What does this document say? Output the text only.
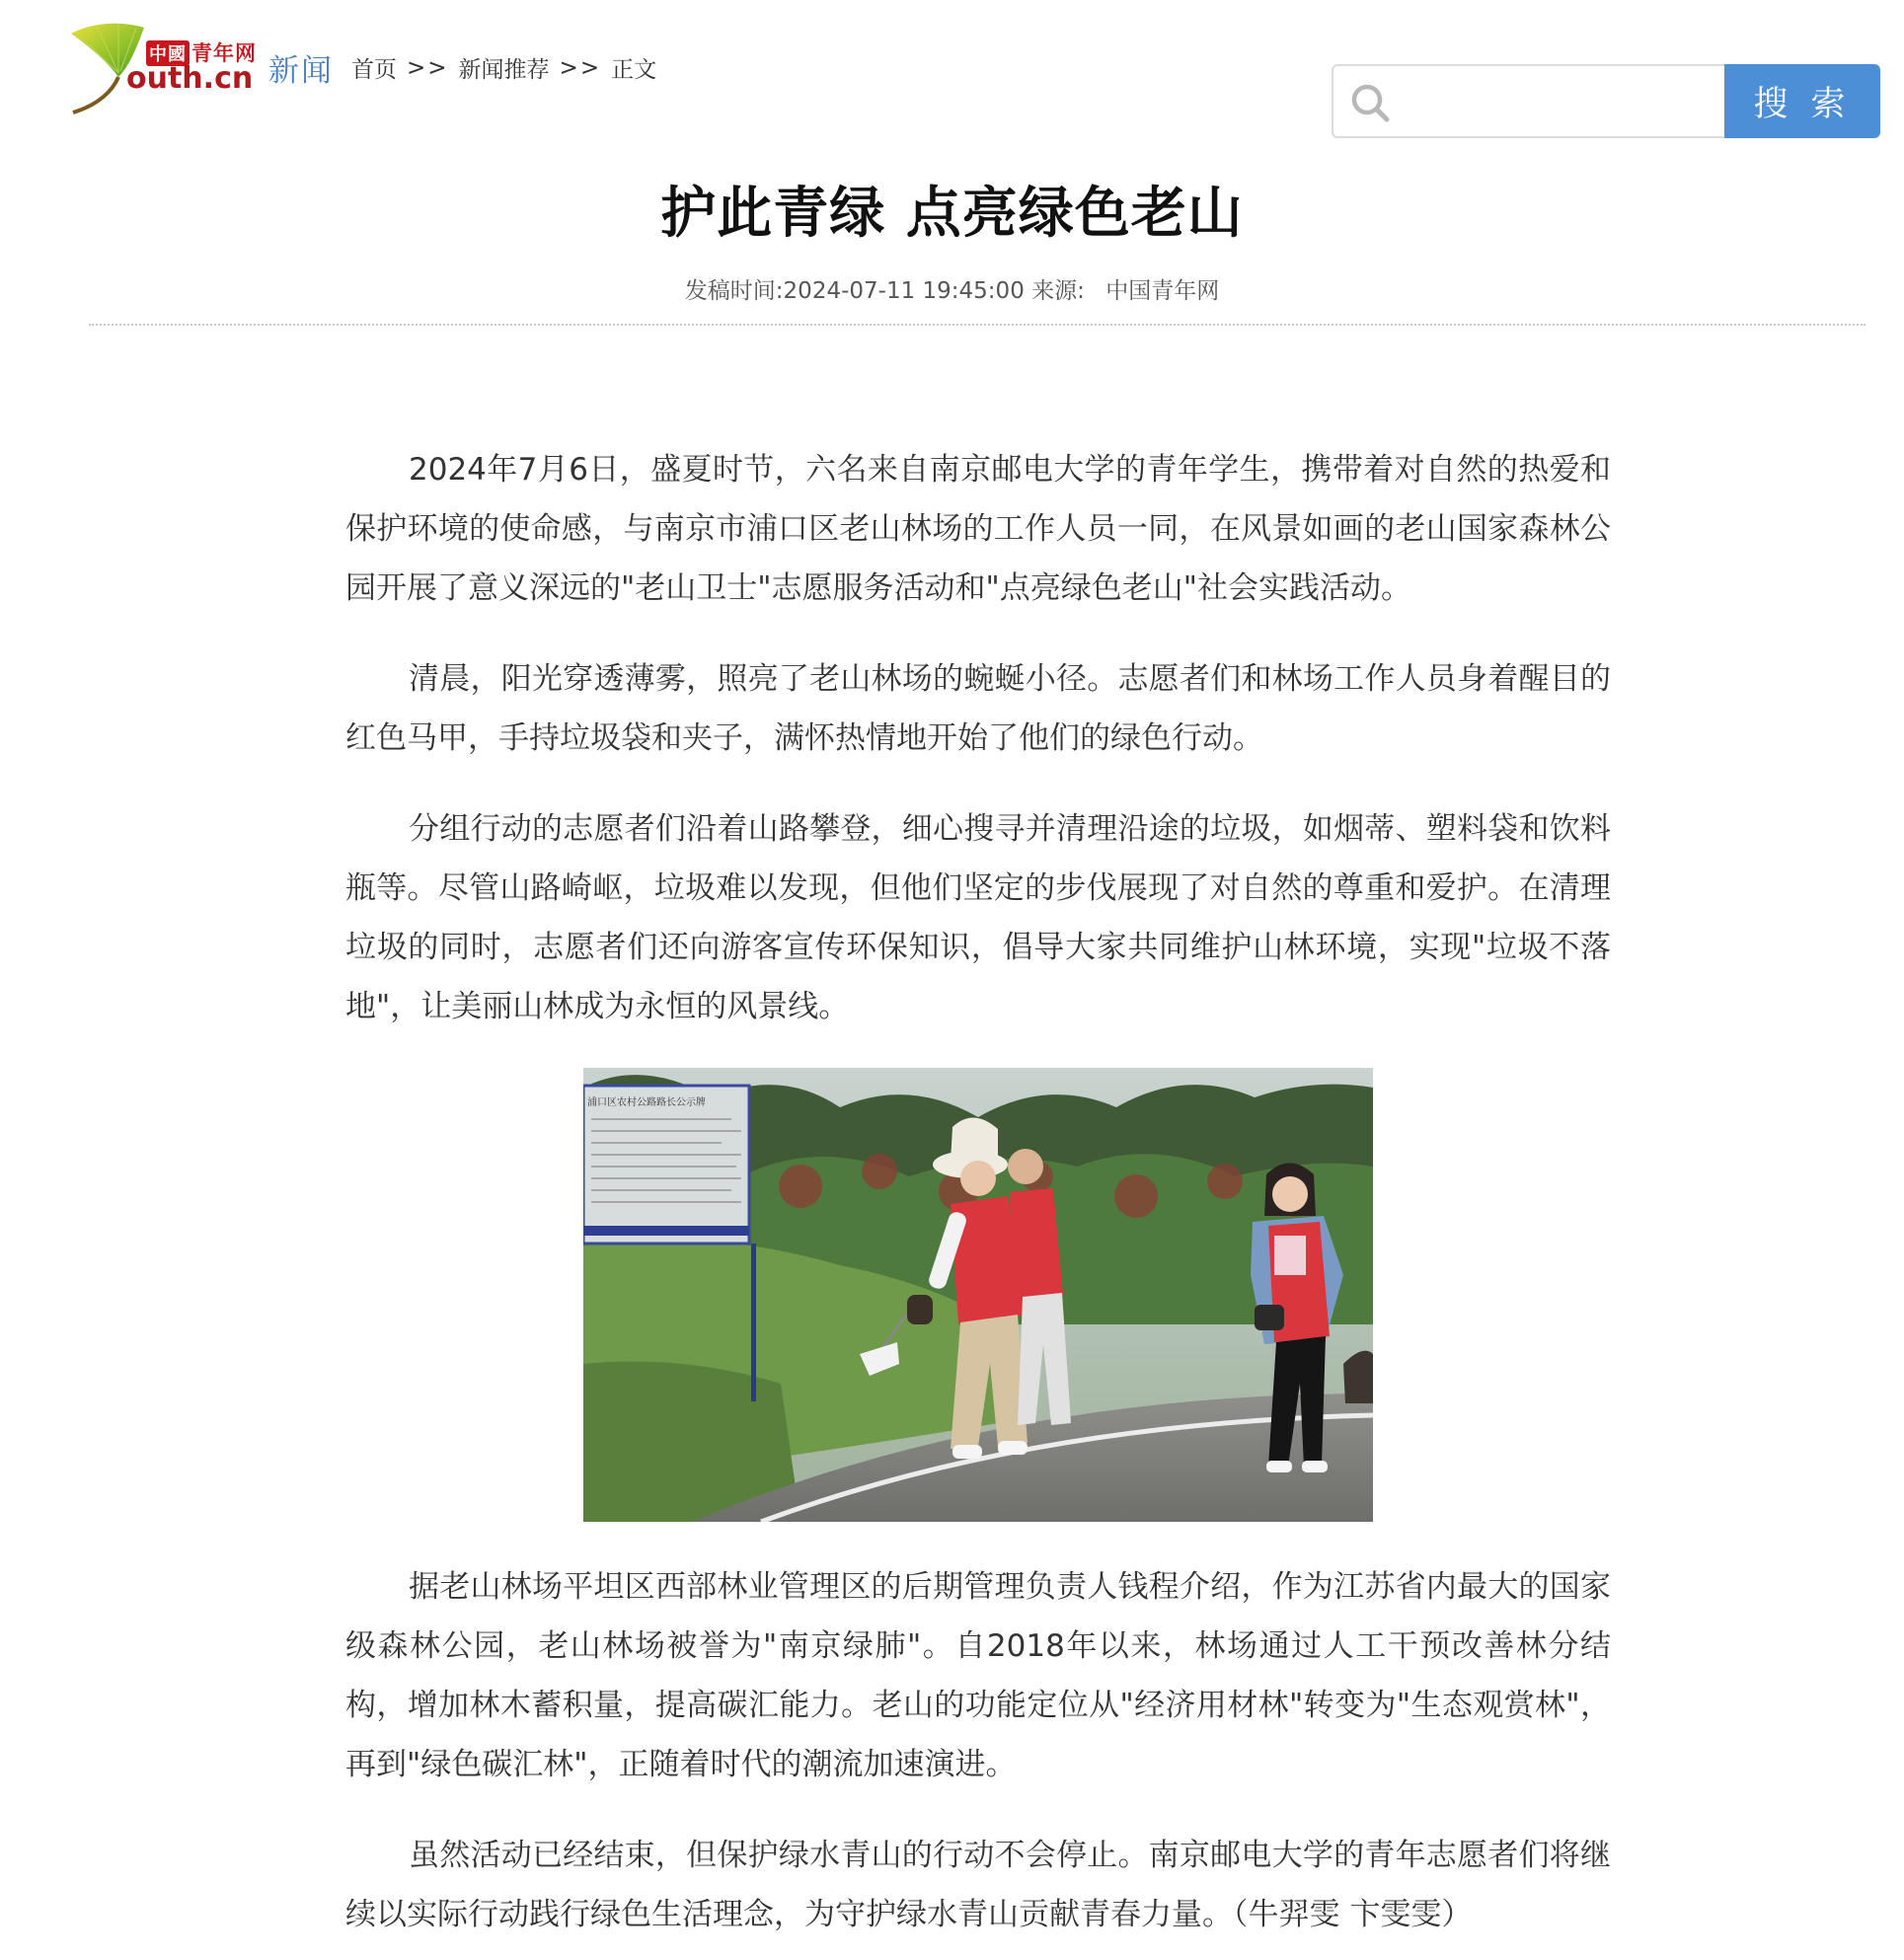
中國 青年网
outh.cn 新闻 首页 >> 新闻推荐 >> 正文
搜 索
护此青绿 点亮绿色老山
发稿时间:2024-07-11 19:45:00 来源: 中国青年网

2024年7月6日，盛夏时节，六名来自南京邮电大学的青年学生，携带着对自然的热爱和保护环境的使命感，与南京市浦口区老山林场的工作人员一同，在风景如画的老山国家森林公园开展了意义深远的"老山卫士"志愿服务活动和"点亮绿色老山"社会实践活动。

清晨，阳光穿透薄雾，照亮了老山林场的蜿蜒小径。志愿者们和林场工作人员身着醒目的红色马甲，手持垃圾袋和夹子，满怀热情地开始了他们的绿色行动。

分组行动的志愿者们沿着山路攀登，细心搜寻并清理沿途的垃圾，如烟蒂、塑料袋和饮料瓶等。尽管山路崎岖，垃圾难以发现，但他们坚定的步伐展现了对自然的尊重和爱护。在清理垃圾的同时，志愿者们还向游客宣传环保知识，倡导大家共同维护山林环境，实现"垃圾不落地"，让美丽山林成为永恒的风景线。

浦口区农村公路路长公示牌

据老山林场平坦区西部林业管理区的后期管理负责人钱程介绍，作为江苏省内最大的国家级森林公园，老山林场被誉为"南京绿肺"。自2018年以来，林场通过人工干预改善林分结构，增加林木蓄积量，提高碳汇能力。老山的功能定位从"经济用材林"转变为"生态观赏林"，再到"绿色碳汇林"，正随着时代的潮流加速演进。

虽然活动已经结束，但保护绿水青山的行动不会停止。南京邮电大学的青年志愿者们将继续以实际行动践行绿色生活理念，为守护绿水青山贡献青春力量。（牛羿雯 卞雯雯）
